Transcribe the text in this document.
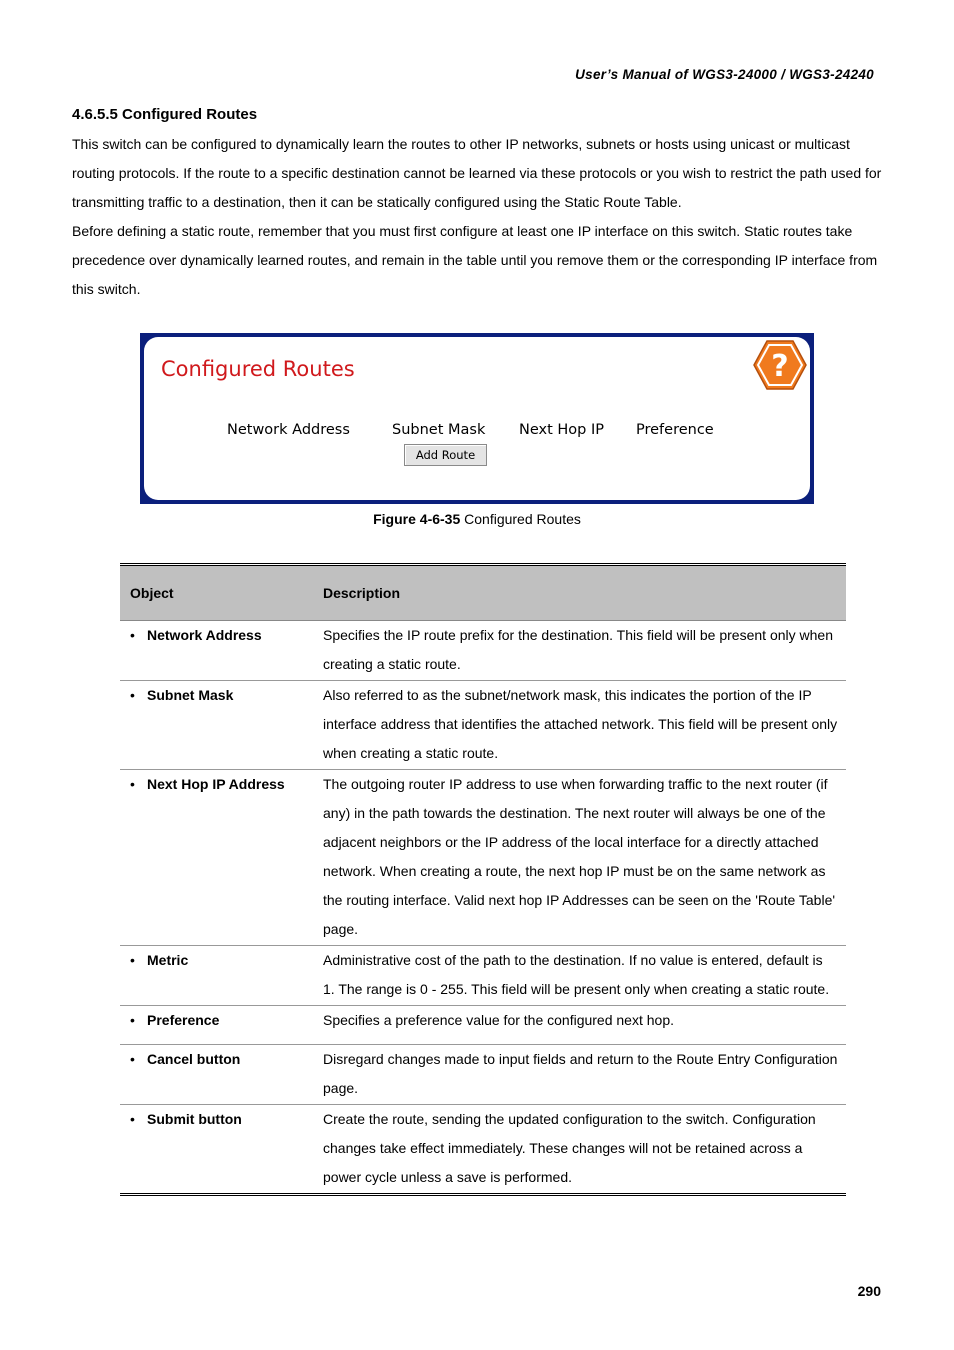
User’s Manual of WGS3-24000 / WGS3-24240
4.6.5.5 Configured Routes
This switch can be configured to dynamically learn the routes to other IP networks, subnets or hosts using unicast or multicast routing protocols. If the route to a specific destination cannot be learned via these protocols or you wish to restrict the path used for transmitting traffic to a destination, then it can be statically configured using the Static Route Table.
Before defining a static route, remember that you must first configure at least one IP interface on this switch. Static routes take precedence over dynamically learned routes, and remain in the table until you remove them or the corresponding IP interface from this switch.
Configured Routes	?
Network Address	Subnet Mask Next Hop IP Preference
Add Route
Figure 4-6-35 Configured Routes
Object	Description
• Network Address	Specifies the IP route prefix for the destination. This field will be present only when creating a static route.
• Subnet Mask	Also referred to as the subnet/network mask, this indicates the portion of the IP interface address that identifies the attached network. This field will be present only when creating a static route.
• Next Hop IP Address	The outgoing router IP address to use when forwarding traffic to the next router (if any) in the path towards the destination. The next router will always be one of the adjacent neighbors or the IP address of the local interface for a directly attached network. When creating a route, the next hop IP must be on the same network as the routing interface. Valid next hop IP Addresses can be seen on the 'Route Table' page.
• Metric	Administrative cost of the path to the destination. If no value is entered, default is 1. The range is 0 - 255. This field will be present only when creating a static route.
• Preference	Specifies a preference value for the configured next hop.
• Cancel button	Disregard changes made to input fields and return to the Route Entry Configuration page.
• Submit button	Create the route, sending the updated configuration to the switch. Configuration changes take effect immediately. These changes will not be retained across a power cycle unless a save is performed.
290
